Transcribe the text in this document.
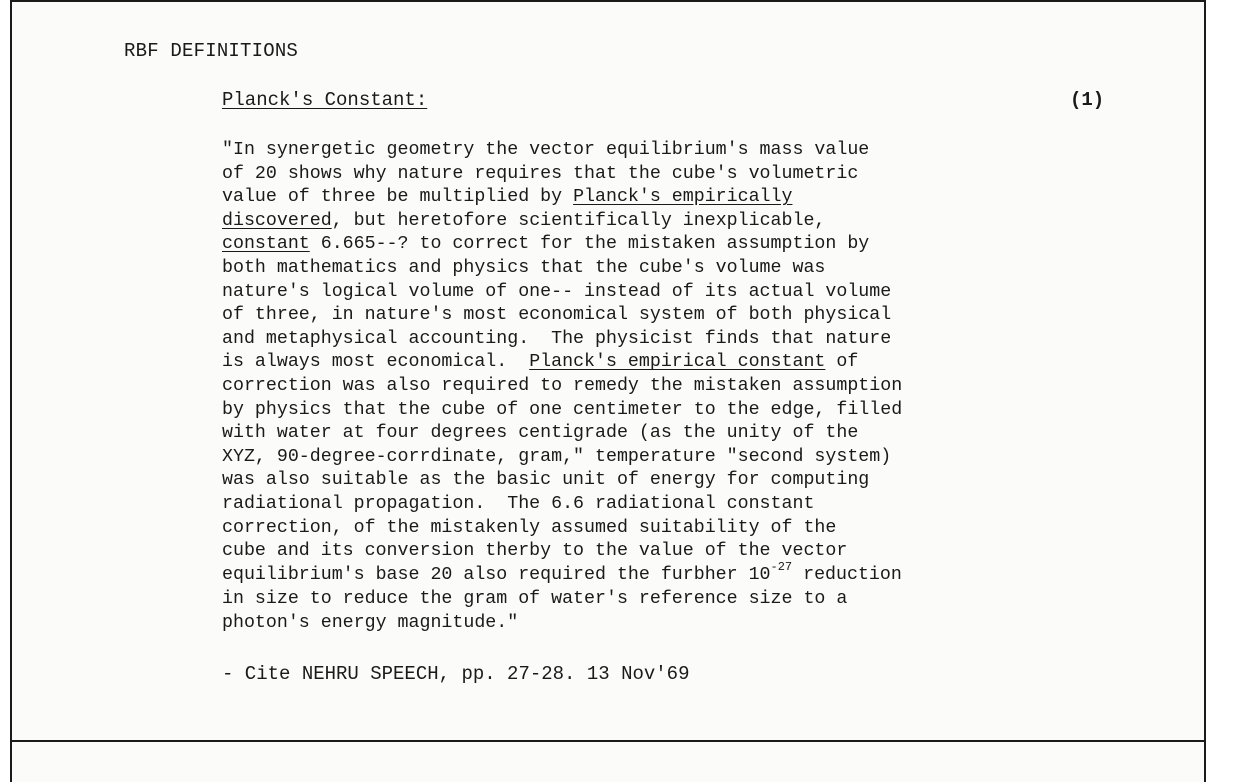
RBF DEFINITIONS
Planck's Constant:	(1)
"In synergetic geometry the vector equilibrium's mass value
of 20 shows why nature requires that the cube's volumetric
value of three be multiplied by Planck's empirically
discovered, but heretofore scientifically inexplicable,
constant 6.665--? to correct for the mistaken assumption by
both mathematics and physics that the cube's volume was
nature's logical volume of one-- instead of its actual volume
of three, in nature's most economical system of both physical
and metaphysical accounting.  The physicist finds that nature
is always most economical.  Planck's empirical constant of
correction was also required to remedy the mistaken assumption
by physics that the cube of one centimeter to the edge, filled
with water at four degrees centigrade (as the unity of the
XYZ, 90-degree-corrdinate, gram," temperature "second system)
was also suitable as the basic unit of energy for computing
radiational propagation.  The 6.6 radiational constant
correction, of the mistakenly assumed suitability of the
cube and its conversion therby to the value of the vector
equilibrium's base 20 also required the furbher $10^{-27}$ reduction
in size to reduce the gram of water's reference size to a
photon's energy magnitude."
- Cite NEHRU SPEECH, pp. 27-28. 13 Nov'69
